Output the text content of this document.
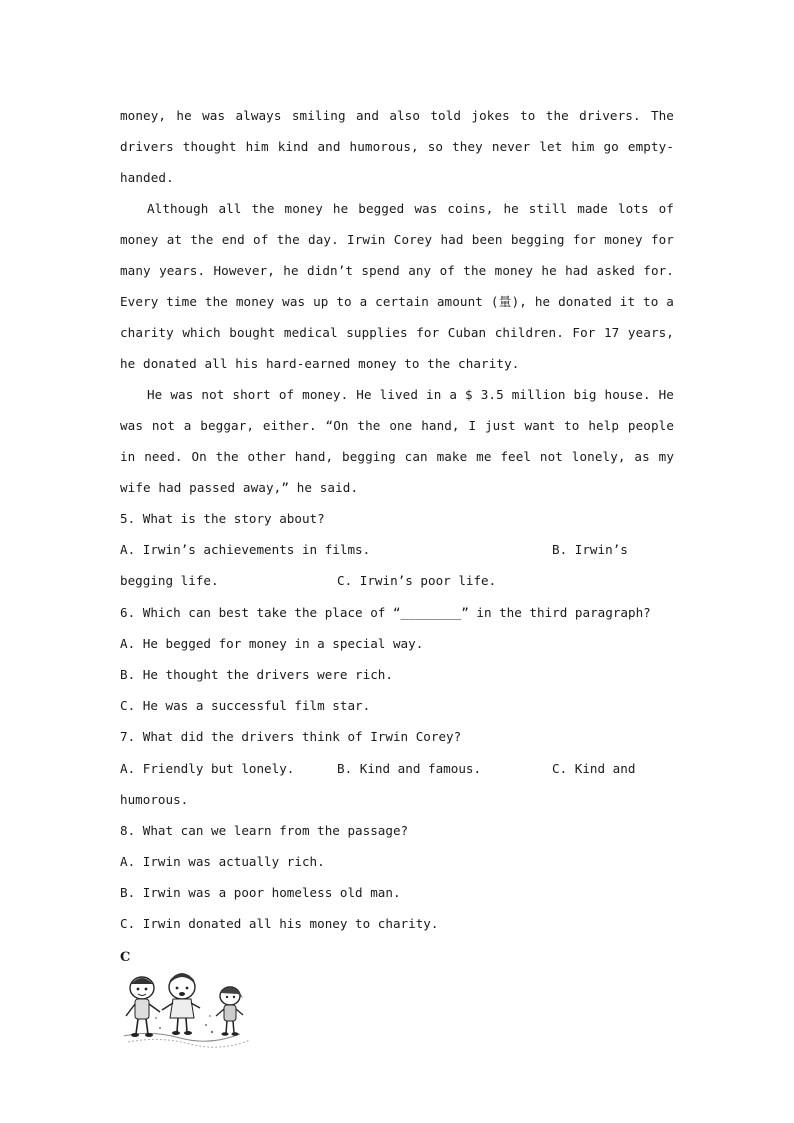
money, he was always smiling and also told jokes to the drivers. The drivers thought him kind and humorous, so they never let him go empty-handed.

Although all the money he begged was coins, he still made lots of money at the end of the day. Irwin Corey had been begging for money for many years. However, he didn’t spend any of the money he had asked for. Every time the money was up to a certain amount (量), he donated it to a charity which bought medical supplies for Cuban children. For 17 years, he donated all his hard-earned money to the charity.

He was not short of money. He lived in a $ 3.5 million big house. He was not a beggar, either. “On the one hand, I just want to help people in need. On the other hand, begging can make me feel not lonely, as my wife had passed away,” he said.

5. What is the story about?

A. Irwin’s achievements in films.

	B. Irwin’s

begging life.

	C. Irwin’s poor life.

6. Which can best take the place of “________” in the third paragraph?
A. He begged for money in a special way.
B. He thought the drivers were rich.
C. He was a successful film star.
7. What did the drivers think of Irwin Corey?

A. Friendly but lonely.

	B. Kind and famous.

	C. Kind and

humorous.
8. What can we learn from the passage?
A. Irwin was actually rich.
B. Irwin was a poor homeless old man.
C. Irwin donated all his money to charity.
C
